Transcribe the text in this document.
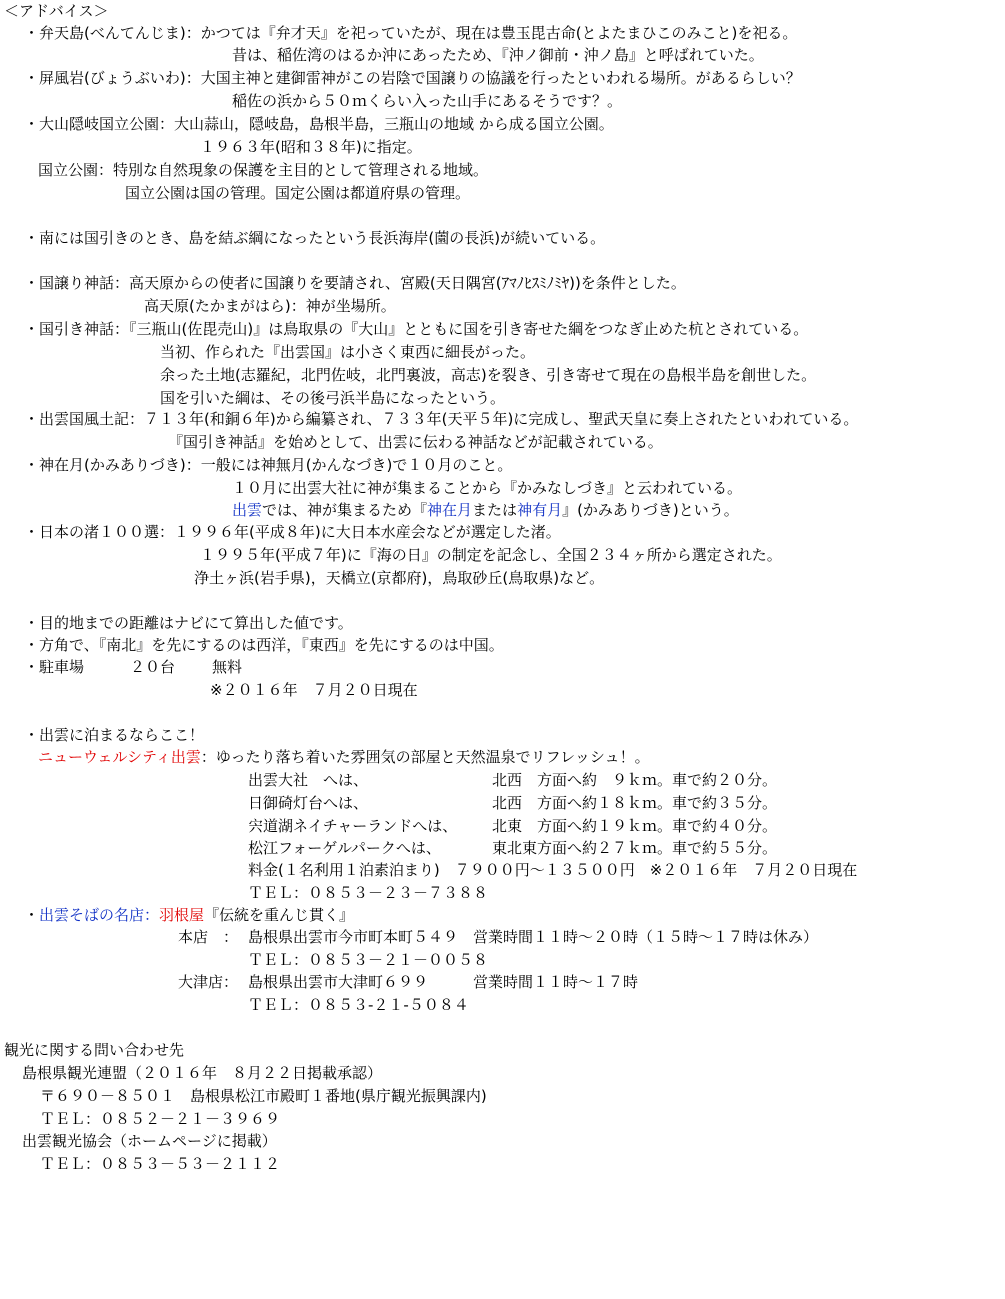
＜アドバイス＞
・弁天島(べんてんじま)：かつては『弁才天』を祀っていたが、現在は豊玉毘古命(とよたまひこのみこと)を祀る。
昔は、稲佐湾のはるか沖にあったため、『沖ノ御前・沖ノ島』と呼ばれていた。
・屏風岩(びょうぶいわ)：大国主神と建御雷神がこの岩陰で国譲りの協議を行ったといわれる場所。があるらしい？
稲佐の浜から５０ｍくらい入った山手にあるそうです？。
・大山隠岐国立公園：大山蒜山，隠岐島，島根半島，三瓶山の地域 から成る国立公園。
１９６３年(昭和３８年)に指定。
国立公園：特別な自然現象の保護を主目的として管理される地域。
国立公園は国の管理。国定公園は都道府県の管理。
・南には国引きのとき、島を結ぶ綱になったという長浜海岸(薗の長浜)が続いている。
・国譲り神話：高天原からの使者に国譲りを要請され、宮殿(天日隅宮(ｱﾏﾉﾋｽﾐﾉﾐﾔ))を条件とした。
高天原(たかまがはら)：神が坐場所。
・国引き神話：『三瓶山(佐毘売山)』は鳥取県の『大山』とともに国を引き寄せた綱をつなぎ止めた杭とされている。
当初、作られた『出雲国』は小さく東西に細長がった。
余った土地(志羅紀，北門佐岐，北門裏波，高志)を裂き、引き寄せて現在の島根半島を創世した。
国を引いた綱は、その後弓浜半島になったという。
・出雲国風土記：７１３年(和銅６年)から編纂され、７３３年(天平５年)に完成し、聖武天皇に奏上されたといわれている。
『国引き神話』を始めとして、出雲に伝わる神話などが記載されている。
・神在月(かみありづき)：一般には神無月(かんなづき)で１０月のこと。
１０月に出雲大社に神が集まることから『かみなしづき』と云われている。
出雲では、神が集まるため『神在月または神有月』(かみありづき)という。
・日本の渚１００選：１９９６年(平成８年)に大日本水産会などが選定した渚。
１９９５年(平成７年)に『海の日』の制定を記念し、全国２３４ヶ所から選定された。
浄土ヶ浜(岩手県)，天橋立(京都府)，鳥取砂丘(鳥取県)など。
・目的地までの距離はナビにて算出した値です。
・方角で、『南北』を先にするのは西洋，『東西』を先にするのは中国。
・駐車場	２０台 無料
※２０１６年　７月２０日現在
・出雲に泊まるならここ！
ニューウェルシティ出雲：ゆったり落ち着いた雰囲気の部屋と天然温泉でリフレッシュ！。
出雲大社　へは、	北西　方面へ約　９ｋｍ。車で約２０分。
日御碕灯台へは、	北西　方面へ約１８ｋｍ。車で約３５分。
宍道湖ネイチャーランドへは、 北東　方面へ約１９ｋｍ。車で約４０分。
松江フォーゲルパークへは、	東北東方面へ約２７ｋｍ。車で約５５分。
料金(１名利用１泊素泊まり)　７９００円～１３５００円　※２０１６年　７月２０日現在
ＴＥＬ：０８５３－２３－７３８８
・出雲そばの名店：羽根屋『伝統を重んじ貫く』
本店　： 島根県出雲市今市町本町５４９　営業時間１１時～２０時（１５時～１７時は休み）
ＴＥＬ：０８５３－２１－００５８
大津店： 島根県出雲市大津町６９９　　　営業時間１１時～１７時
ＴＥＬ：０８５３-２１-５０８４
観光に関する問い合わせ先
島根県観光連盟（２０１６年　８月２２日掲載承認）
〒６９０－８５０１　島根県松江市殿町１番地(県庁観光振興課内)
ＴＥＬ：０８５２－２１－３９６９
出雲観光協会（ホームページに掲載）
ＴＥＬ：０８５３－５３－２１１２
